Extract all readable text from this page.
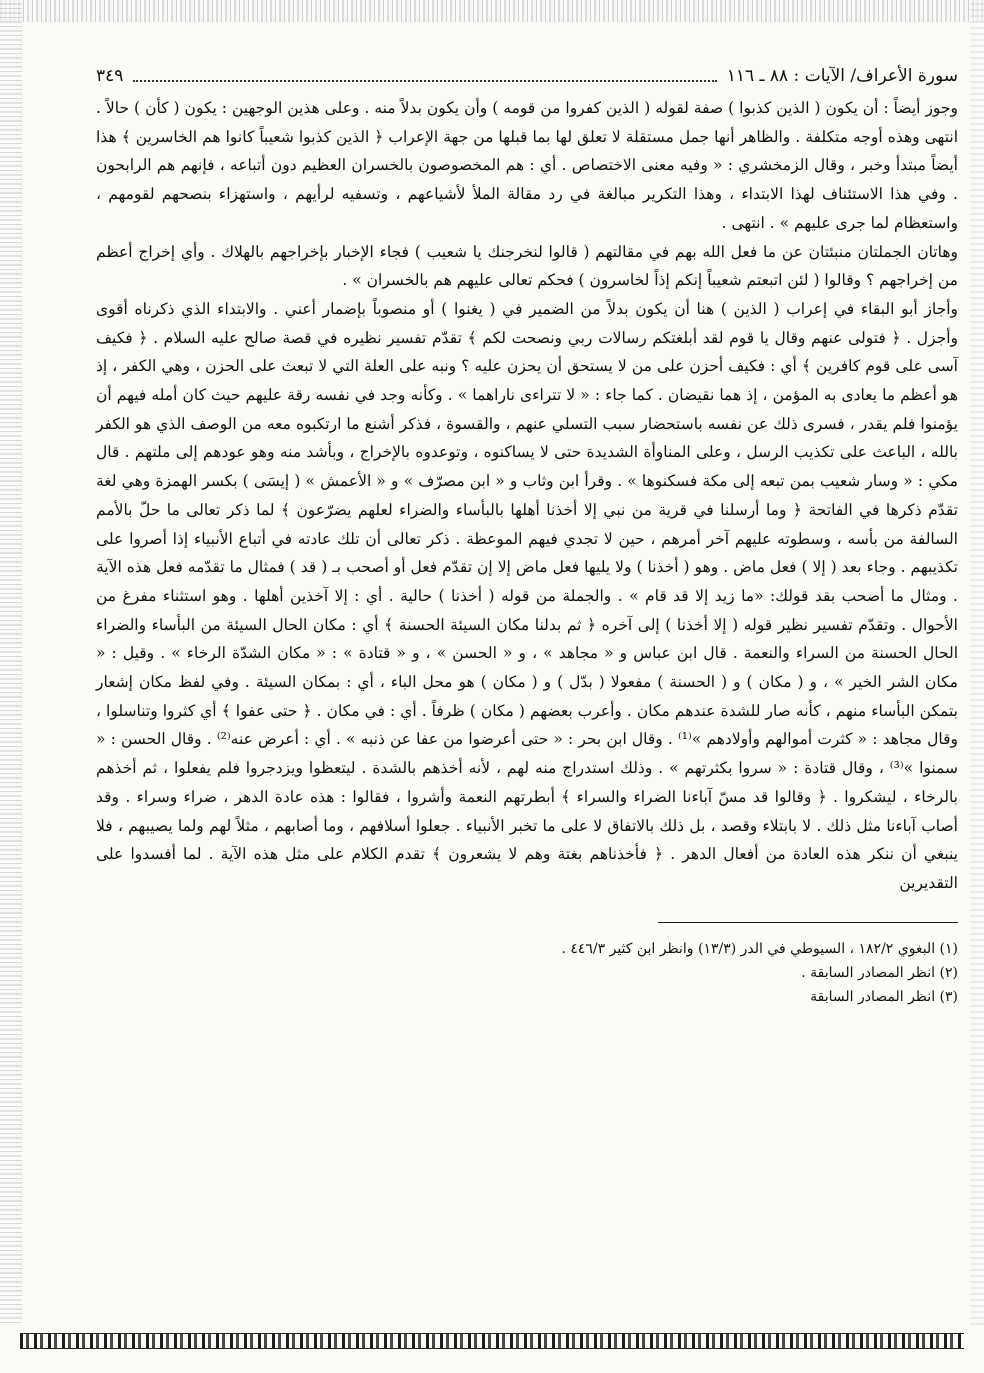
سورة الأعراف/ الآيات : ٨٨ ـ ١١٦
٣٤٩

وجوز أيضاً : أن يكون ( الذين كذبوا ) صفة لقوله ( الذين كفروا من قومه ) وأن يكون بدلاً منه . وعلى هذين الوجهين : يكون ( كأن ) حالاً . انتهى وهذه أوجه متكلفة . والظاهر أنها جمل مستقلة لا تعلق لها بما قبلها من جهة الإعراب ﴿ الذين كذبوا شعيباً كانوا هم الخاسرين ﴾ هذا أيضاً مبتدأ وخبر ، وقال الزمخشري : « وفيه معنى الاختصاص . أي : هم المخصوصون بالخسران العظيم دون أتباعه ، فإنهم هم الرابحون . وفي هذا الاستئناف لهذا الابتداء ، وهذا التكرير مبالغة في رد مقالة الملأ لأشياعهم ، وتسفيه لرأيهم ، واستهزاء بنصحهم لقومهم ، واستعظام لما جرى عليهم » . انتهى .

وهاتان الجملتان منبئتان عن ما فعل الله بهم في مقالتهم ( قالوا لنخرجنك يا شعيب ) فجاء الإخبار بإخراجهم بالهلاك . وأي إخراج أعظم من إخراجهم ؟ وقالوا ( لئن اتبعتم شعيباً إنكم إذاً لخاسرون ) فحكم تعالى عليهم هم بالخسران » .

وأجاز أبو البقاء في إعراب ( الذين ) هنا أن يكون بدلاً من الضمير في ( يغنوا ) أو منصوباً بإضمار أعني . والابتداء الذي ذكرناه أقوى وأجزل . ﴿ فتولى عنهم وقال يا قوم لقد أبلغتكم رسالات ربي ونصحت لكم ﴾ تقدّم تفسير نظيره في قصة صالح عليه السلام . ﴿ فكيف آسى على قوم كافرين ﴾ أي : فكيف أحزن على من لا يستحق أن يحزن عليه ؟ ونبه على العلة التي لا تبعث على الحزن ، وهي الكفر ، إذ هو أعظم ما يعادى به المؤمن ، إذ هما نقيضان . كما جاء : « لا تتراءى ناراهما » . وكأنه وجد في نفسه رقة عليهم حيث كان أمله فيهم أن يؤمنوا فلم يقدر ، فسرى ذلك عن نفسه باستحضار سبب التسلي عنهم ، والقسوة ، فذكر أشنع ما ارتكبوه معه من الوصف الذي هو الكفر بالله ، الباعث على تكذيب الرسل ، وعلى المناوأة الشديدة حتى لا يساكنوه ، وتوعدوه بالإخراج ، وبأشد منه وهو عودهم إلى ملتهم . قال مكي : « وسار شعيب بمن تبعه إلى مكة فسكنوها » . وقرأ ابن وثاب و « ابن مصرّف » و « الأعمش » ( إيسَى ) بكسر الهمزة وهي لغة تقدّم ذكرها في الفاتحة ﴿ وما أرسلنا في قرية من نبي إلا أخذنا أهلها بالبأساء والضراء لعلهم يضرّعون ﴾ لما ذكر تعالى ما حلّ بالأمم السالفة من بأسه ، وسطوته عليهم آخر أمرهم ، حين لا تجدي فيهم الموعظة . ذكر تعالى أن تلك عادته في أتباع الأنبياء إذا أصروا على تكذيبهم . وجاء بعد ( إلا ) فعل ماض . وهو ( أخذنا ) ولا يليها فعل ماض إلا إن تقدّم فعل أو أصحب بـ ( قد ) فمثال ما تقدّمه فعل هذه الآية . ومثال ما أصحب بقد قولك: «ما زيد إلا قد قام » . والجملة من قوله ( أخذنا ) حالية . أي : إلا آخذين أهلها . وهو استثناء مفرغ من الأحوال . وتقدّم تفسير نظير قوله ( إلا أخذنا ) إلى آخره ﴿ ثم بدلنا مكان السيئة الحسنة ﴾ أي : مكان الحال السيئة من البأساء والضراء الحال الحسنة من السراء والنعمة . قال ابن عباس و « مجاهد » ، و « الحسن » ، و « قتادة » : « مكان الشدّة الرخاء » . وقيل : « مكان الشر الخير » ، و ( مكان ) و ( الحسنة ) مفعولا ( بدّل ) و ( مكان ) هو محل الباء ، أي : بمكان السيئة . وفي لفظ مكان إشعار بتمكن البأساء منهم ، كأنه صار للشدة عندهم مكان . وأعرب بعضهم ( مكان ) ظرفاً . أي : في مكان . ﴿ حتى عفوا ﴾ أي كثروا وتناسلوا ، وقال مجاهد : « كثرت أموالهم وأولادهم »⁽¹⁾ . وقال ابن بحر : « حتى أعرضوا من عفا عن ذنبه » . أي : أعرض عنه⁽²⁾ . وقال الحسن : « سمنوا »⁽³⁾ ، وقال قتادة : « سروا بكثرتهم » . وذلك استدراج منه لهم ، لأنه أخذهم بالشدة . ليتعظوا ويزدجروا فلم يفعلوا ، ثم أخذهم بالرخاء ، ليشكروا . ﴿ وقالوا قد مسّ آباءنا الضراء والسراء ﴾ أبطرتهم النعمة وأشروا ، فقالوا : هذه عادة الدهر ، ضراء وسراء . وقد أصاب آباءنا مثل ذلك . لا بابتلاء وقصد ، بل ذلك بالاتفاق لا على ما تخبر الأنبياء . جعلوا أسلافهم ، وما أصابهم ، مثلاً لهم ولما يصيبهم ، فلا ينبغي أن ننكر هذه العادة من أفعال الدهر . ﴿ فأخذناهم بغتة وهم لا يشعرون ﴾ تقدم الكلام على مثل هذه الآية . لما أفسدوا على التقديرين

(١) البغوي ١٨٢/٢ ، السيوطي في الدر (١٣/٣) وانظر ابن كثير ٤٤٦/٣ .
(٢) انظر المصادر السابقة .
(٣) انظر المصادر السابقة
